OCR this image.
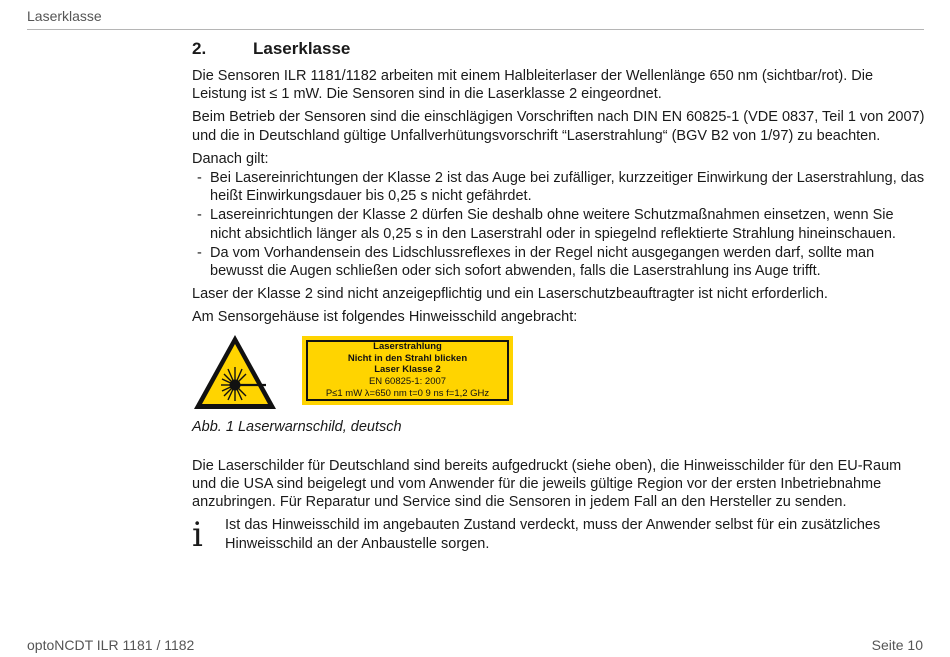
Laserklasse
2.	Laserklasse

Die Sensoren ILR 1181/1182 arbeiten mit einem Halbleiterlaser der Wellenlänge 650 nm (sichtbar/rot). Die Leistung ist ≤ 1 mW. Die Sensoren sind in die Laserklasse 2 eingeordnet.

Beim Betrieb der Sensoren sind die einschlägigen Vorschriften nach DIN EN 60825-1 (VDE 0837, Teil 1 von 2007) und die in Deutschland gültige Unfallverhütungsvorschrift “Laserstrahlung“ (BGV B2 von 1/97) zu beachten.

Danach gilt:

- Bei Lasereinrichtungen der Klasse 2 ist das Auge bei zufälliger, kurzzeitiger Einwirkung der Laserstrahlung, das heißt Einwirkungsdauer bis 0,25 s nicht gefährdet.
- Lasereinrichtungen der Klasse 2 dürfen Sie deshalb ohne weitere Schutzmaßnahmen einsetzen, wenn Sie nicht absichtlich länger als 0,25 s in den Laserstrahl oder in spiegelnd reflektierte Strahlung hineinschauen.
- Da vom Vorhandensein des Lidschlussreflexes in der Regel nicht ausgegangen werden darf, sollte man bewusst die Augen schließen oder sich sofort abwenden, falls die Laserstrahlung ins Auge trifft.

Laser der Klasse 2 sind nicht anzeigepflichtig und ein Laserschutzbeauftragter ist nicht erforderlich.

Am Sensorgehäuse ist folgendes Hinweisschild angebracht:

Laserstrahlung
Nicht in den Strahl blicken
Laser Klasse 2
EN 60825-1: 2007
P≤1 mW λ=650 nm t=0 9 ns f=1,2 GHz
Abb. 1 Laserwarnschild, deutsch

Die Laserschilder für Deutschland sind bereits aufgedruckt (siehe oben), die Hinweisschilder für den EU-Raum und die USA sind beigelegt und vom Anwender für die jeweils gültige Region vor der ersten Inbetriebnahme anzubringen. Für Reparatur und Service sind die Sensoren in jedem Fall an den Hersteller zu senden.

i	Ist das Hinweisschild im angebauten Zustand verdeckt, muss der Anwender selbst für ein zusätzliches Hinweisschild an der Anbaustelle sorgen.
optoNCDT ILR 1181 / 1182	Seite 10
